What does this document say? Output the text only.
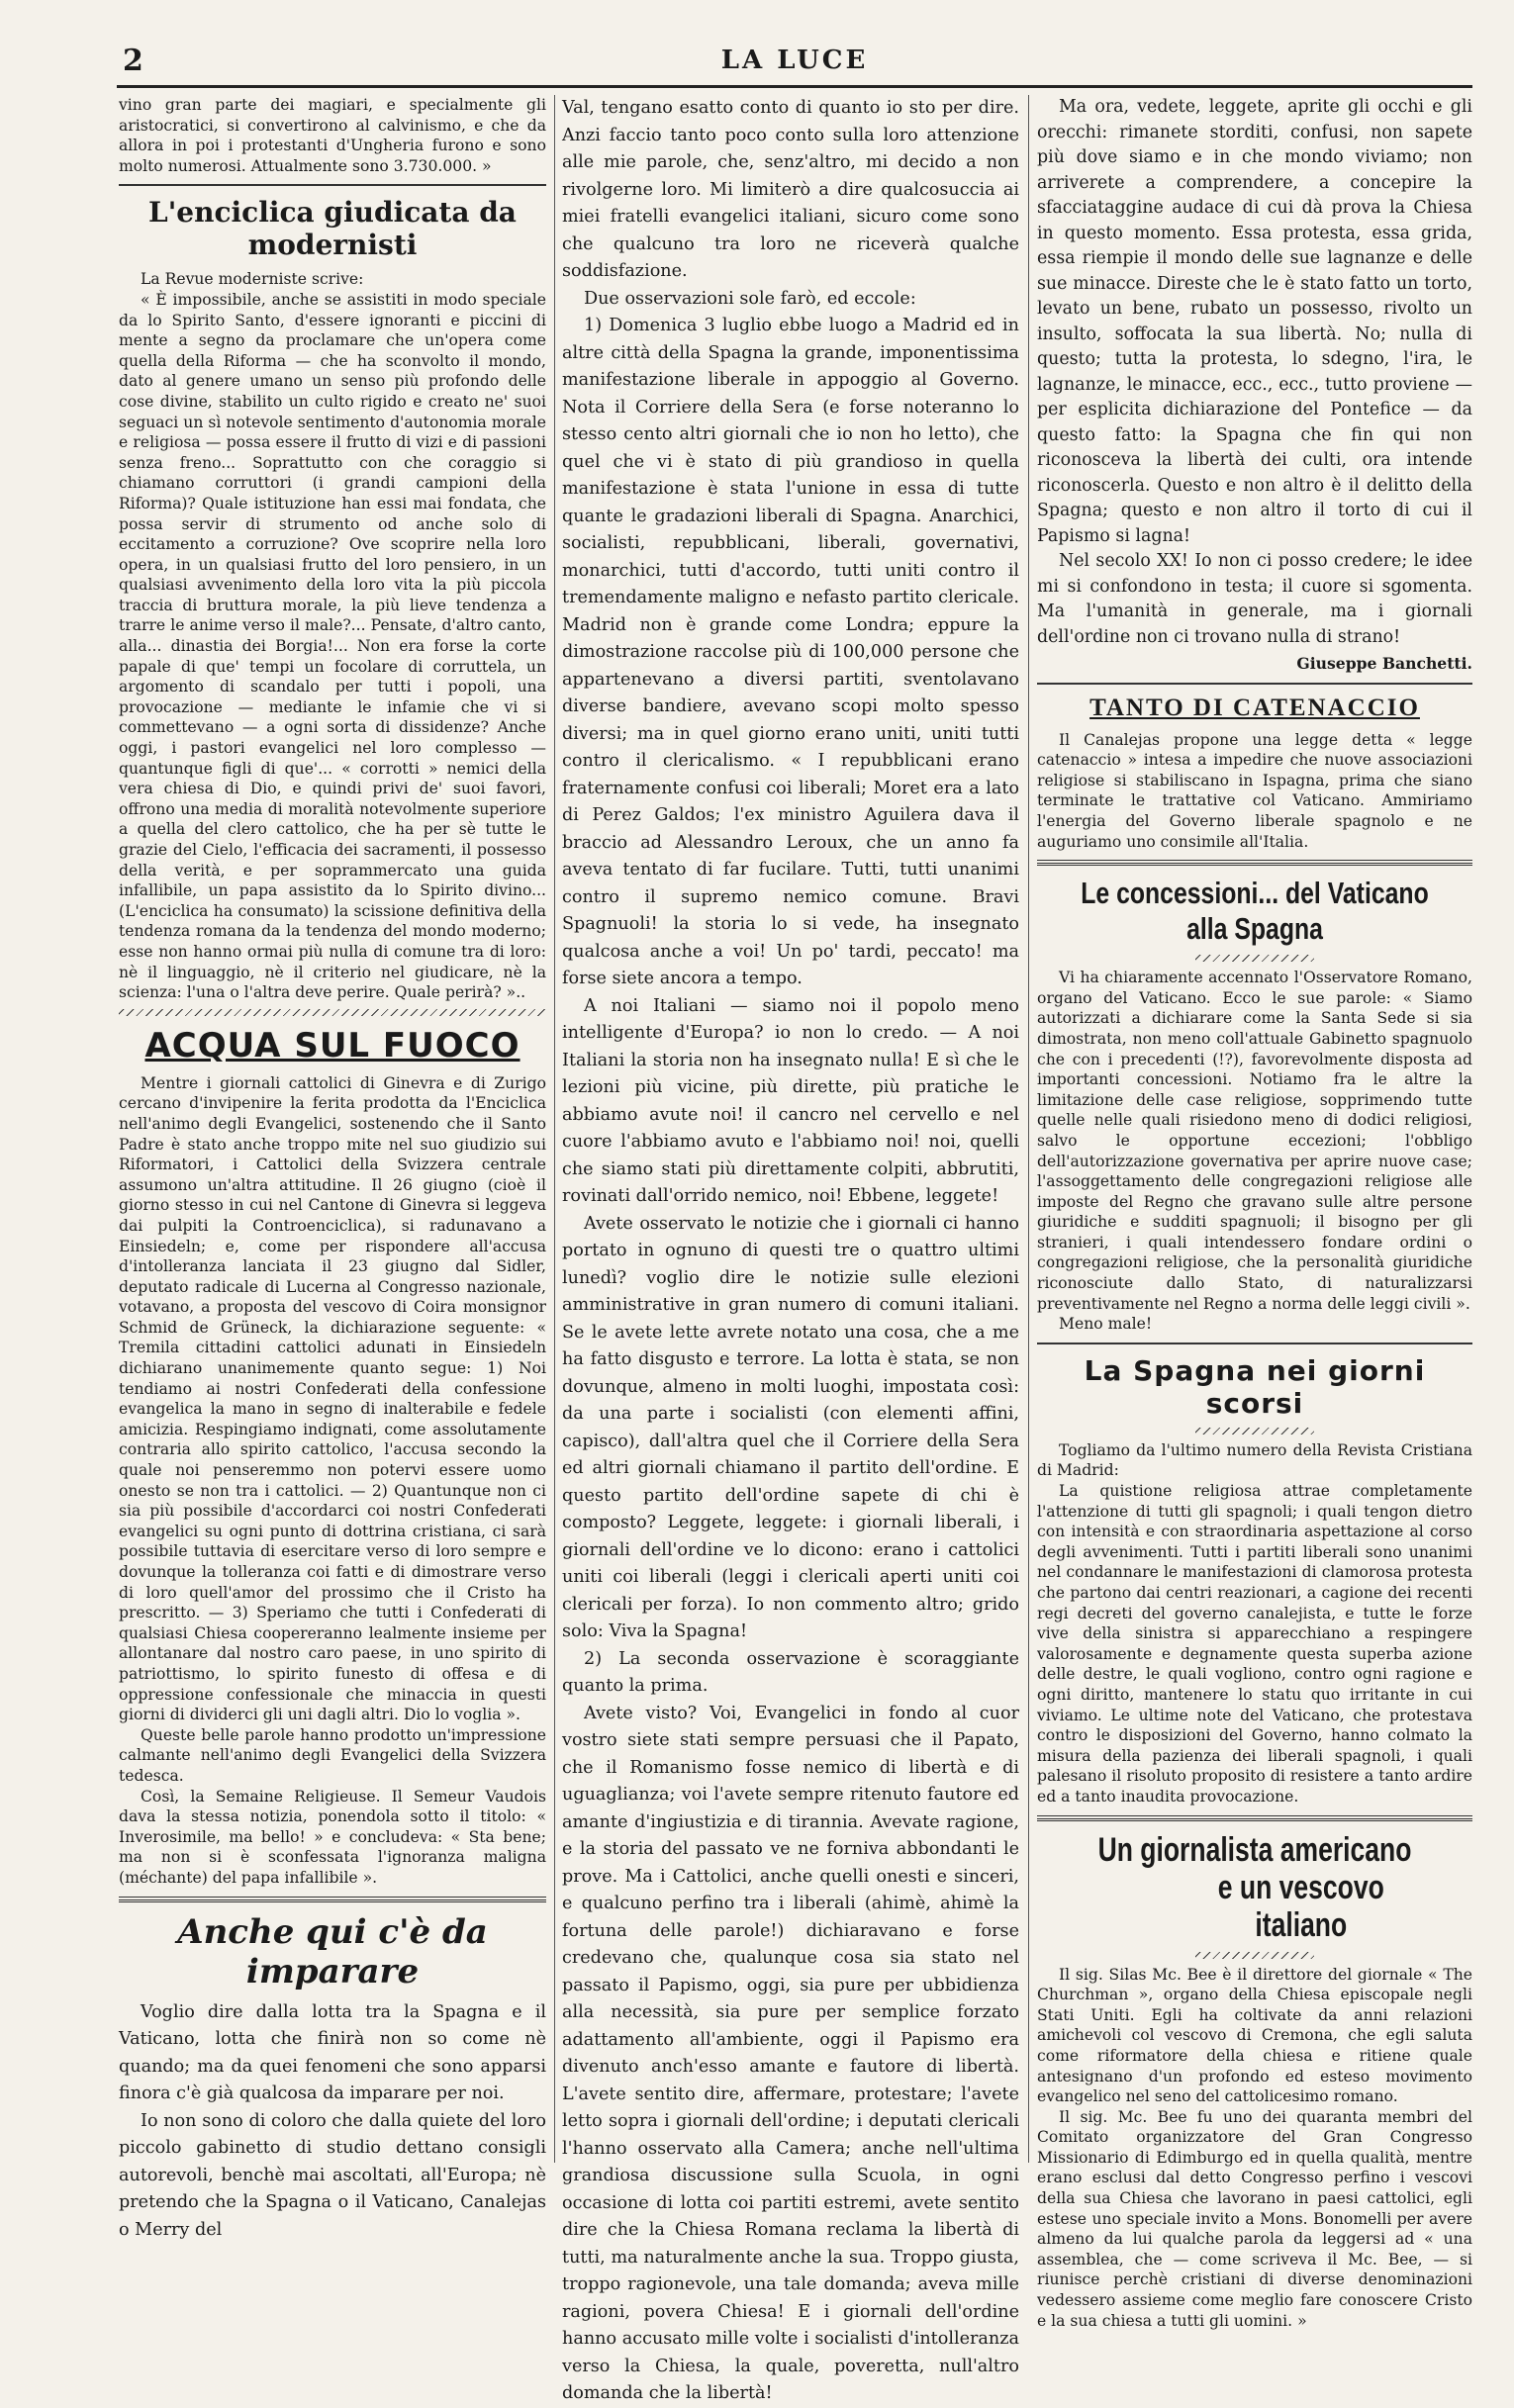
2	LA LUCE

vino gran parte dei magiari, e specialmente gli aristocratici, si convertirono al calvinismo, e che da allora in poi i protestanti d'Ungheria furono e sono molto numerosi. Attualmente sono 3.730.000. »

L'enciclica giudicata da modernisti

La Revue moderniste scrive:

« È impossibile, anche se assistiti in modo speciale da lo Spirito Santo, d'essere ignoranti e piccini di mente a segno da proclamare che un'opera come quella della Riforma — che ha sconvolto il mondo, dato al genere umano un senso più profondo delle cose divine, stabilito un culto rigido e creato ne' suoi seguaci un sì notevole sentimento d'autonomia morale e religiosa — possa essere il frutto di vizi e di passioni senza freno... Soprattutto con che coraggio si chiamano corruttori (i grandi campioni della Riforma)? Quale istituzione han essi mai fondata, che possa servir di strumento od anche solo di eccitamento a corruzione? Ove scoprire nella loro opera, in un qualsiasi frutto del loro pensiero, in un qualsiasi avvenimento della loro vita la più piccola traccia di bruttura morale, la più lieve tendenza a trarre le anime verso il male?... Pensate, d'altro canto, alla... dinastia dei Borgia!... Non era forse la corte papale di que' tempi un focolare di corruttela, un argomento di scandalo per tutti i popoli, una provocazione — mediante le infamie che vi si commettevano — a ogni sorta di dissidenze? Anche oggi, i pastori evangelici nel loro complesso — quantunque figli di que'... « corrotti » nemici della vera chiesa di Dio, e quindi privi de' suoi favori, offrono una media di moralità notevolmente superiore a quella del clero cattolico, che ha per sè tutte le grazie del Cielo, l'efficacia dei sacramenti, il possesso della verità, e per soprammercato una guida infallibile, un papa assistito da lo Spirito divino... (L'enciclica ha consumato) la scissione definitiva della tendenza romana da la tendenza del mondo moderno; esse non hanno ormai più nulla di comune tra di loro: nè il linguaggio, nè il criterio nel giudicare, nè la scienza: l'una o l'altra deve perire. Quale perirà? »..

ACQUA SUL FUOCO

Mentre i giornali cattolici di Ginevra e di Zurigo cercano d'invipenire la ferita prodotta da l'Enciclica nell'animo degli Evangelici, sostenendo che il Santo Padre è stato anche troppo mite nel suo giudizio sui Riformatori, i Cattolici della Svizzera centrale assumono un'altra attitudine. Il 26 giugno (cioè il giorno stesso in cui nel Cantone di Ginevra si leggeva dai pulpiti la Controenciclica), si radunavano a Einsiedeln; e, come per rispondere all'accusa d'intolleranza lanciata il 23 giugno dal Sidler, deputato radicale di Lucerna al Congresso nazionale, votavano, a proposta del vescovo di Coira monsignor Schmid de Grüneck, la dichiarazione seguente: « Tremila cittadini cattolici adunati in Einsiedeln dichiarano unanimemente quanto segue: 1) Noi tendiamo ai nostri Confederati della confessione evangelica la mano in segno di inalterabile e fedele amicizia. Respingiamo indignati, come assolutamente contraria allo spirito cattolico, l'accusa secondo la quale noi penseremmo non potervi essere uomo onesto se non tra i cattolici. — 2) Quantunque non ci sia più possibile d'accordarci coi nostri Confederati evangelici su ogni punto di dottrina cristiana, ci sarà possibile tuttavia di esercitare verso di loro sempre e dovunque la tolleranza coi fatti e di dimostrare verso di loro quell'amor del prossimo che il Cristo ha prescritto. — 3) Speriamo che tutti i Confederati di qualsiasi Chiesa coopereranno lealmente insieme per allontanare dal nostro caro paese, in uno spirito di patriottismo, lo spirito funesto di offesa e di oppressione confessionale che minaccia in questi giorni di dividerci gli uni dagli altri. Dio lo voglia ».

Queste belle parole hanno prodotto un'impressione calmante nell'animo degli Evangelici della Svizzera tedesca.

Così, la Semaine Religieuse. Il Semeur Vaudois dava la stessa notizia, ponendola sotto il titolo: « Inverosimile, ma bello! » e concludeva: « Sta bene; ma non si è sconfessata l'ignoranza maligna (méchante) del papa infallibile ».

Anche qui c'è da imparare

Voglio dire dalla lotta tra la Spagna e il Vaticano, lotta che finirà non so come nè quando; ma da quei fenomeni che sono apparsi finora c'è già qualcosa da imparare per noi.

Io non sono di coloro che dalla quiete del loro piccolo gabinetto di studio dettano consigli autorevoli, benchè mai ascoltati, all'Europa; nè pretendo che la Spagna o il Vaticano, Canalejas o Merry del

Val, tengano esatto conto di quanto io sto per dire. Anzi faccio tanto poco conto sulla loro attenzione alle mie parole, che, senz'altro, mi decido a non rivolgerne loro. Mi limiterò a dire qualcosuccia ai miei fratelli evangelici italiani, sicuro come sono che qualcuno tra loro ne riceverà qualche soddisfazione.

Due osservazioni sole farò, ed eccole:

1) Domenica 3 luglio ebbe luogo a Madrid ed in altre città della Spagna la grande, imponentissima manifestazione liberale in appoggio al Governo. Nota il Corriere della Sera (e forse noteranno lo stesso cento altri giornali che io non ho letto), che quel che vi è stato di più grandioso in quella manifestazione è stata l'unione in essa di tutte quante le gradazioni liberali di Spagna. Anarchici, socialisti, repubblicani, liberali, governativi, monarchici, tutti d'accordo, tutti uniti contro il tremendamente maligno e nefasto partito clericale. Madrid non è grande come Londra; eppure la dimostrazione raccolse più di 100,000 persone che appartenevano a diversi partiti, sventolavano diverse bandiere, avevano scopi molto spesso diversi; ma in quel giorno erano uniti, uniti tutti contro il clericalismo. « I repubblicani erano fraternamente confusi coi liberali; Moret era a lato di Perez Galdos; l'ex ministro Aguilera dava il braccio ad Alessandro Leroux, che un anno fa aveva tentato di far fucilare. Tutti, tutti unanimi contro il supremo nemico comune. Bravi Spagnuoli! la storia lo si vede, ha insegnato qualcosa anche a voi! Un po' tardi, peccato! ma forse siete ancora a tempo.

A noi Italiani — siamo noi il popolo meno intelligente d'Europa? io non lo credo. — A noi Italiani la storia non ha insegnato nulla! E sì che le lezioni più vicine, più dirette, più pratiche le abbiamo avute noi! il cancro nel cervello e nel cuore l'abbiamo avuto e l'abbiamo noi! noi, quelli che siamo stati più direttamente colpiti, abbrutiti, rovinati dall'orrido nemico, noi! Ebbene, leggete!

Avete osservato le notizie che i giornali ci hanno portato in ognuno di questi tre o quattro ultimi lunedì? voglio dire le notizie sulle elezioni amministrative in gran numero di comuni italiani. Se le avete lette avrete notato una cosa, che a me ha fatto disgusto e terrore. La lotta è stata, se non dovunque, almeno in molti luoghi, impostata così: da una parte i socialisti (con elementi affini, capisco), dall'altra quel che il Corriere della Sera ed altri giornali chiamano il partito dell'ordine. E questo partito dell'ordine sapete di chi è composto? Leggete, leggete: i giornali liberali, i giornali dell'ordine ve lo dicono: erano i cattolici uniti coi liberali (leggi i clericali aperti uniti coi clericali per forza). Io non commento altro; grido solo: Viva la Spagna!

2) La seconda osservazione è scoraggiante quanto la prima.

Avete visto? Voi, Evangelici in fondo al cuor vostro siete stati sempre persuasi che il Papato, che il Romanismo fosse nemico di libertà e di uguaglianza; voi l'avete sempre ritenuto fautore ed amante d'ingiustizia e di tirannia. Avevate ragione, e la storia del passato ve ne forniva abbondanti le prove. Ma i Cattolici, anche quelli onesti e sinceri, e qualcuno perfino tra i liberali (ahimè, ahimè la fortuna delle parole!) dichiaravano e forse credevano che, qualunque cosa sia stato nel passato il Papismo, oggi, sia pure per ubbidienza alla necessità, sia pure per semplice forzato adattamento all'ambiente, oggi il Papismo era divenuto anch'esso amante e fautore di libertà. L'avete sentito dire, affermare, protestare; l'avete letto sopra i giornali dell'ordine; i deputati clericali l'hanno osservato alla Camera; anche nell'ultima grandiosa discussione sulla Scuola, in ogni occasione di lotta coi partiti estremi, avete sentito dire che la Chiesa Romana reclama la libertà di tutti, ma naturalmente anche la sua. Troppo giusta, troppo ragionevole, una tale domanda; aveva mille ragioni, povera Chiesa! E i giornali dell'ordine hanno accusato mille volte i socialisti d'intolleranza verso la Chiesa, la quale, poveretta, null'altro domanda che la libertà!

Ma ora, vedete, leggete, aprite gli occhi e gli orecchi: rimanete storditi, confusi, non sapete più dove siamo e in che mondo viviamo; non arriverete a comprendere, a concepire la sfacciataggine audace di cui dà prova la Chiesa in questo momento. Essa protesta, essa grida, essa riempie il mondo delle sue lagnanze e delle sue minacce. Direste che le è stato fatto un torto, levato un bene, rubato un possesso, rivolto un insulto, soffocata la sua libertà. No; nulla di questo; tutta la protesta, lo sdegno, l'ira, le lagnanze, le minacce, ecc., ecc., tutto proviene — per esplicita dichiarazione del Pontefice — da questo fatto: la Spagna che fin qui non riconosceva la libertà dei culti, ora intende riconoscerla. Questo e non altro è il delitto della Spagna; questo e non altro il torto di cui il Papismo si lagna!

Nel secolo XX! Io non ci posso credere; le idee mi si confondono in testa; il cuore si sgomenta. Ma l'umanità in generale, ma i giornali dell'ordine non ci trovano nulla di strano!

Giuseppe Banchetti.

TANTO DI CATENACCIO

Il Canalejas propone una legge detta « legge catenaccio » intesa a impedire che nuove associazioni religiose si stabiliscano in Ispagna, prima che siano terminate le trattative col Vaticano. Ammiriamo l'energia del Governo liberale spagnolo e ne auguriamo uno consimile all'Italia.

Le concessioni... del Vaticano alla Spagna

Vi ha chiaramente accennato l'Osservatore Romano, organo del Vaticano. Ecco le sue parole: « Siamo autorizzati a dichiarare come la Santa Sede si sia dimostrata, non meno coll'attuale Gabinetto spagnuolo che con i precedenti (!?), favorevolmente disposta ad importanti concessioni. Notiamo fra le altre la limitazione delle case religiose, sopprimendo tutte quelle nelle quali risiedono meno di dodici religiosi, salvo le opportune eccezioni; l'obbligo dell'autorizzazione governativa per aprire nuove case; l'assoggettamento delle congregazioni religiose alle imposte del Regno che gravano sulle altre persone giuridiche e sudditi spagnuoli; il bisogno per gli stranieri, i quali intendessero fondare ordini o congregazioni religiose, che la personalità giuridiche riconosciute dallo Stato, di naturalizzarsi preventivamente nel Regno a norma delle leggi civili ».

Meno male!

La Spagna nei giorni scorsi

Togliamo da l'ultimo numero della Revista Cristiana di Madrid:

La quistione religiosa attrae completamente l'attenzione di tutti gli spagnoli; i quali tengon dietro con intensità e con straordinaria aspettazione al corso degli avvenimenti. Tutti i partiti liberali sono unanimi nel condannare le manifestazioni di clamorosa protesta che partono dai centri reazionari, a cagione dei recenti regi decreti del governo canalejista, e tutte le forze vive della sinistra si apparecchiano a respingere valorosamente e degnamente questa superba azione delle destre, le quali vogliono, contro ogni ragione e ogni diritto, mantenere lo statu quo irritante in cui viviamo. Le ultime note del Vaticano, che protestava contro le disposizioni del Governo, hanno colmato la misura della pazienza dei liberali spagnoli, i quali palesano il risoluto proposito di resistere a tanto ardire ed a tanto inaudita provocazione.

Un giornalista americano
e un vescovo italiano

Il sig. Silas Mc. Bee è il direttore del giornale « The Churchman », organo della Chiesa episcopale negli Stati Uniti. Egli ha coltivate da anni relazioni amichevoli col vescovo di Cremona, che egli saluta come riformatore della chiesa e ritiene quale antesignano d'un profondo ed esteso movimento evangelico nel seno del cattolicesimo romano.

Il sig. Mc. Bee fu uno dei quaranta membri del Comitato organizzatore del Gran Congresso Missionario di Edimburgo ed in quella qualità, mentre erano esclusi dal detto Congresso perfino i vescovi della sua Chiesa che lavorano in paesi cattolici, egli estese uno speciale invito a Mons. Bonomelli per avere almeno da lui qualche parola da leggersi ad « una assemblea, che — come scriveva il Mc. Bee, — si riunisce perchè cristiani di diverse denominazioni vedessero assieme come meglio fare conoscere Cristo e la sua chiesa a tutti gli uomini. »
